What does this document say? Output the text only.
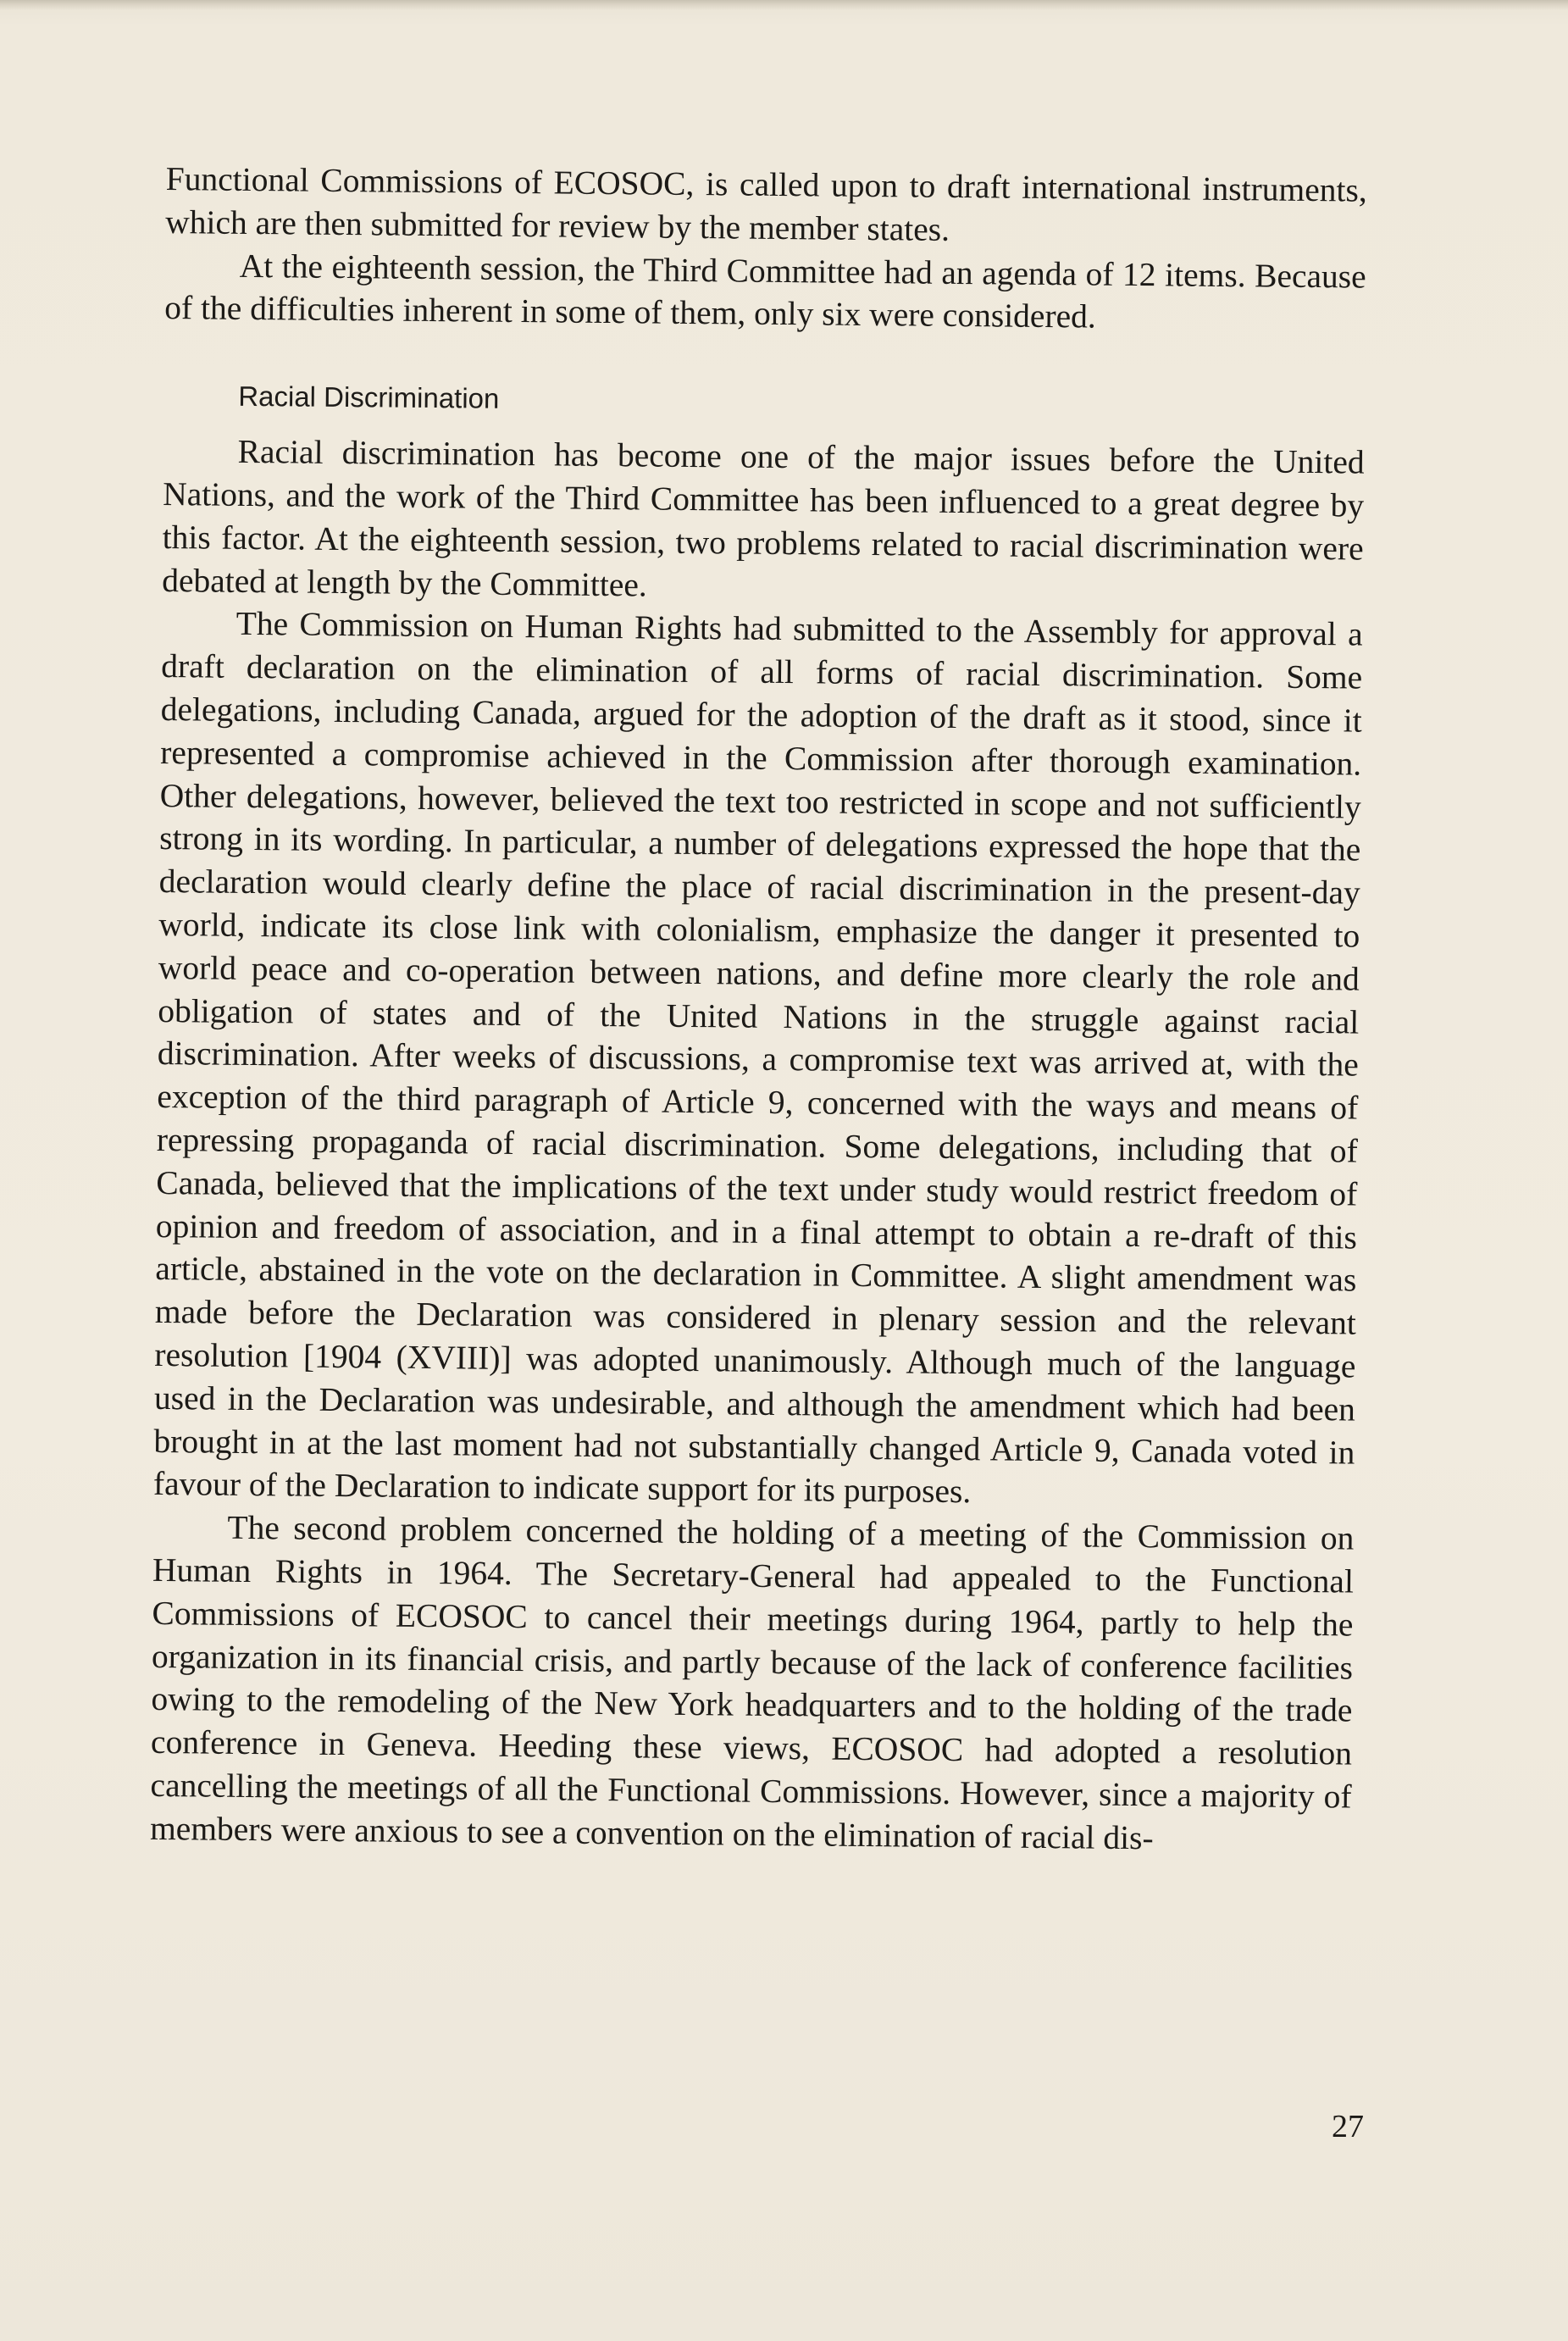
Functional Commissions of ECOSOC, is called upon to draft international instruments, which are then submitted for review by the member states.

At the eighteenth session, the Third Committee had an agenda of 12 items. Because of the difficulties inherent in some of them, only six were considered.

Racial Discrimination

Racial discrimination has become one of the major issues before the United Nations, and the work of the Third Committee has been influenced to a great degree by this factor. At the eighteenth session, two problems related to racial discrimination were debated at length by the Committee.

The Commission on Human Rights had submitted to the Assembly for approval a draft declaration on the elimination of all forms of racial discrimination. Some delegations, including Canada, argued for the adoption of the draft as it stood, since it represented a compromise achieved in the Commission after thorough examination. Other delegations, however, believed the text too restricted in scope and not sufficiently strong in its wording. In particular, a number of delegations expressed the hope that the declaration would clearly define the place of racial discrimination in the present-day world, indicate its close link with colonialism, emphasize the danger it presented to world peace and co-operation between nations, and define more clearly the role and obligation of states and of the United Nations in the struggle against racial discrimination. After weeks of discussions, a compromise text was arrived at, with the exception of the third paragraph of Article 9, concerned with the ways and means of repressing propaganda of racial discrimination. Some delegations, including that of Canada, believed that the implications of the text under study would restrict freedom of opinion and freedom of association, and in a final attempt to obtain a re-draft of this article, abstained in the vote on the declaration in Committee. A slight amendment was made before the Declaration was considered in plenary session and the relevant resolution [1904 (XVIII)] was adopted unanimously. Although much of the language used in the Declaration was undesirable, and although the amendment which had been brought in at the last moment had not substantially changed Article 9, Canada voted in favour of the Declaration to indicate support for its purposes.

The second problem concerned the holding of a meeting of the Commission on Human Rights in 1964. The Secretary-General had appealed to the Functional Commissions of ECOSOC to cancel their meetings during 1964, partly to help the organization in its financial crisis, and partly because of the lack of conference facilities owing to the remodeling of the New York headquarters and to the holding of the trade conference in Geneva. Heeding these views, ECOSOC had adopted a resolution cancelling the meetings of all the Functional Commissions. However, since a majority of members were anxious to see a convention on the elimination of racial dis-

27
